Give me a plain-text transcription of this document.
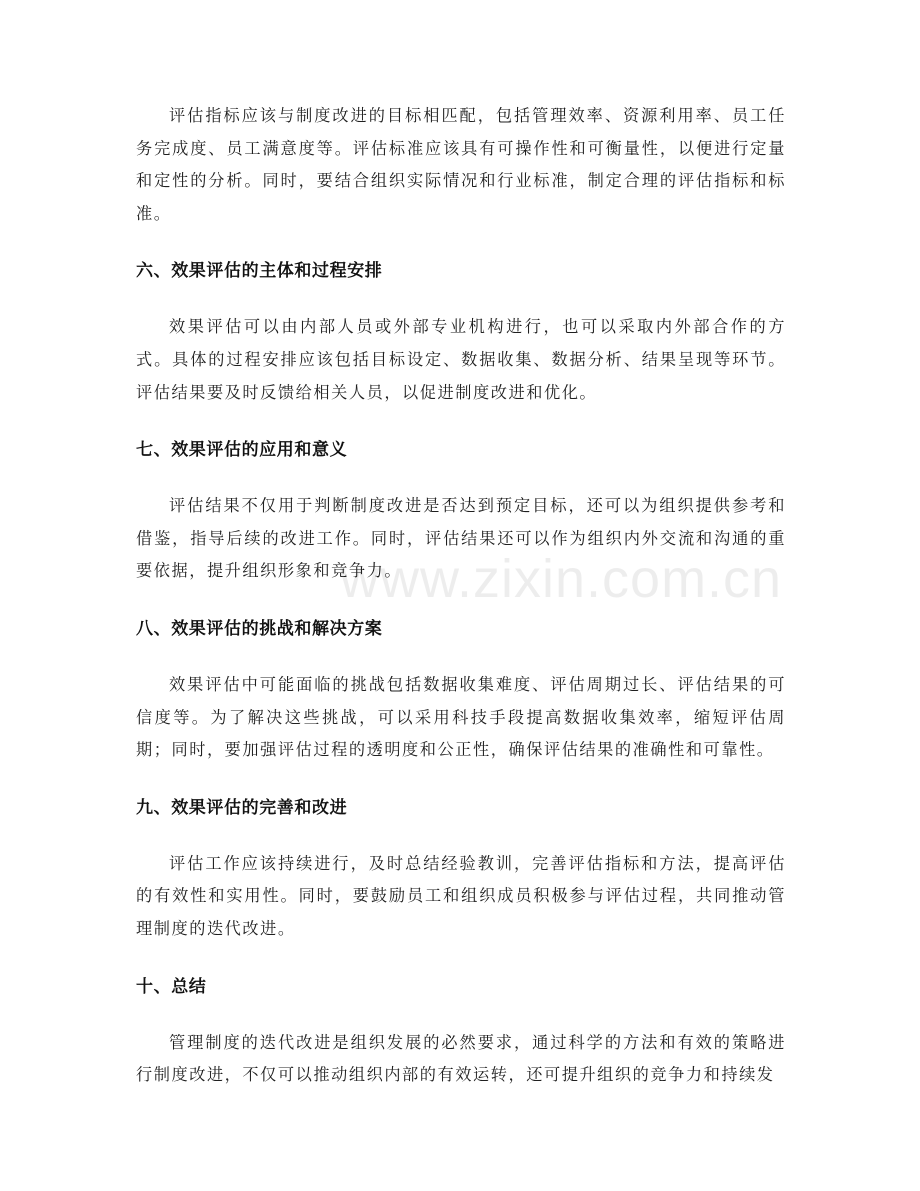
www.zixin.com.cn

评估指标应该与制度改进的目标相匹配，包括管理效率、资源利用率、员工任务完成度、员工满意度等。评估标准应该具有可操作性和可衡量性，以便进行定量和定性的分析。同时，要结合组织实际情况和行业标准，制定合理的评估指标和标准。

六、效果评估的主体和过程安排

效果评估可以由内部人员或外部专业机构进行，也可以采取内外部合作的方式。具体的过程安排应该包括目标设定、数据收集、数据分析、结果呈现等环节。评估结果要及时反馈给相关人员，以促进制度改进和优化。

七、效果评估的应用和意义

评估结果不仅用于判断制度改进是否达到预定目标，还可以为组织提供参考和借鉴，指导后续的改进工作。同时，评估结果还可以作为组织内外交流和沟通的重要依据，提升组织形象和竞争力。

八、效果评估的挑战和解决方案

效果评估中可能面临的挑战包括数据收集难度、评估周期过长、评估结果的可信度等。为了解决这些挑战，可以采用科技手段提高数据收集效率，缩短评估周期；同时，要加强评估过程的透明度和公正性，确保评估结果的准确性和可靠性。

九、效果评估的完善和改进

评估工作应该持续进行，及时总结经验教训，完善评估指标和方法，提高评估的有效性和实用性。同时，要鼓励员工和组织成员积极参与评估过程，共同推动管理制度的迭代改进。

十、总结

管理制度的迭代改进是组织发展的必然要求，通过科学的方法和有效的策略进行制度改进，不仅可以推动组织内部的有效运转，还可提升组织的竞争力和持续发
